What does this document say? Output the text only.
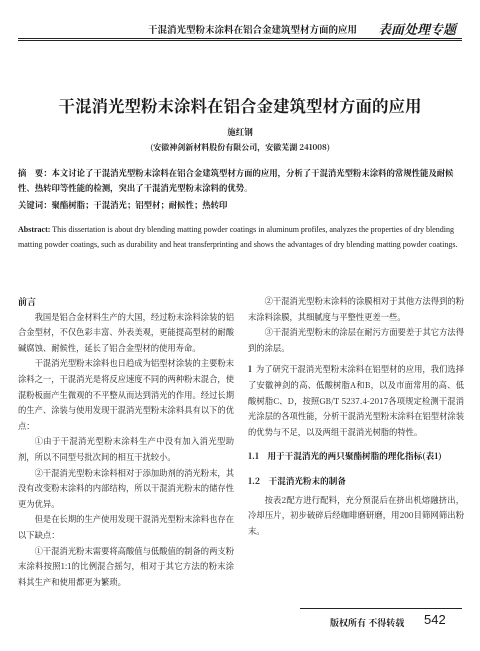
干混消光型粉末涂料在铝合金建筑型材方面的应用 表面处理专题
干混消光型粉末涂料在铝合金建筑型材方面的应用
施红钢
(安徽神剑新材料股份有限公司，安徽芜湖 241008)
摘　要：本文讨论了干混消光型粉末涂料在铝合金建筑型材方面的应用，分析了干混消光型粉末涂料的常规性能及耐候性、热转印等性能的检测，突出了干混消光型粉末涂料的优势。
关键词：聚酯树脂；干混消光；铝型材；耐候性；热转印
Abstract: This dissertation is about dry blending matting powder coatings in aluminum profiles, analyzes the properties of dry blending matting powder coatings, such as durability and heat transferprinting and shows the advantages of dry blending matting powder coatings.

前言

我国是铝合金材料生产的大国，经过粉末涂料涂装的铝合金型材，不仅色彩丰富、外表美观，更能提高型材的耐酸碱腐蚀、耐候性，延长了铝合金型材的使用寿命。

干混消光型粉末涂料也日趋成为铝型材涂装的主要粉末涂料之一，干混消光是将反应速度不同的两种粉末混合，使混粉板面产生微观的不平整从而达到消光的作用。经过长期的生产、涂装与使用发现干混消光型粉末涂料具有以下的优点：

①由于干混消光型粉末涂料生产中没有加入消光型助剂，所以不同型号批次间的相互干扰较小。

②干混消光型粉末涂料相对于添加助剂的消光粉末，其没有改变粉末涂料的内部结构，所以干混消光粉末的储存性更为优异。

但是在长期的生产使用发现干混消光型粉末涂料也存在以下缺点：

①干混消光粉末需要将高酸值与低酸值的制备的两支粉末涂料按照1:1的比例混合摇匀，相对于其它方法的粉末涂料其生产和使用都更为繁琐。

②干混消光型粉末涂料的涂膜相对于其他方法得到的粉末涂料涂膜，其细腻度与平整性更差一些。

③干混消光型粉末的涂层在耐污方面要差于其它方法得到的涂层。

1 为了研究干混消光型粉末涂料在铝型材的应用，我们选择了安徽神剑的高、低酸树脂A和B，以及市面常用的高、低酸树脂C、D，按照GB/T 5237.4-2017各项规定检测干混消光涂层的各项性能，分析干混消光型粉末涂料在铝型材涂装的优势与不足，以及两组干混消光树脂的特性。

1.1　用于干混消光的两只聚酯树脂的理化指标(表1)

1.2　干混消光粉末的制备

按表2配方进行配料，充分预混后在挤出机熔融挤出，冷却压片，初步破碎后经咖啡磨研磨，用200目筛网筛出粉末。

版权所有 不得转载 542
